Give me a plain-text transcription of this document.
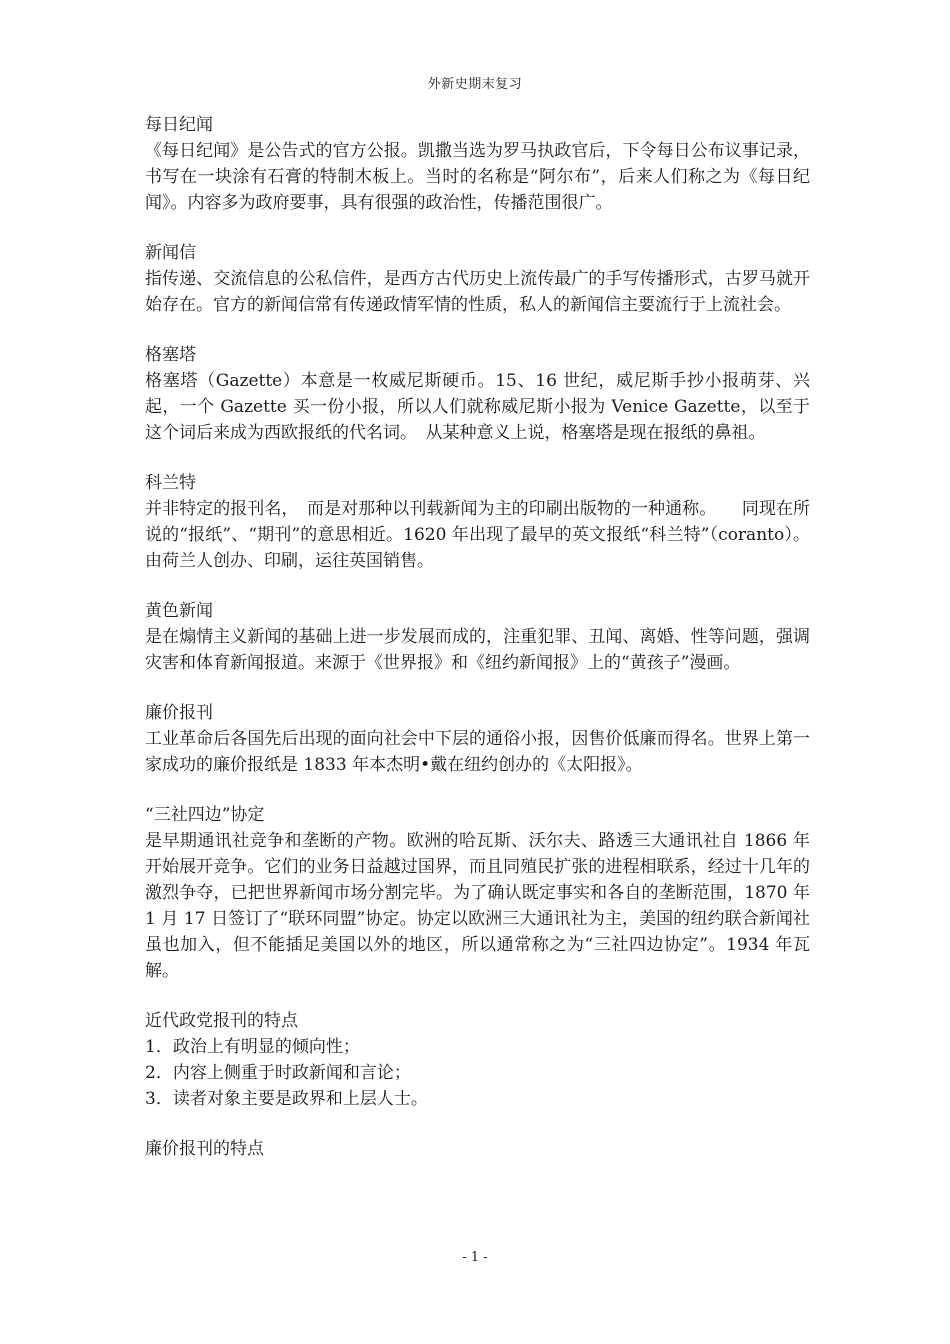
外新史期末复习
每日纪闻
《每日纪闻》是公告式的官方公报。凯撒当选为罗马执政官后，下令每日公布议事记录，书写在一块涂有石膏的特制木板上。当时的名称是“阿尔布”，后来人们称之为《每日纪闻》。内容多为政府要事，具有很强的政治性，传播范围很广。
新闻信
指传递、交流信息的公私信件，是西方古代历史上流传最广的手写传播形式，古罗马就开始存在。官方的新闻信常有传递政情军情的性质，私人的新闻信主要流行于上流社会。
格塞塔
格塞塔（Gazette）本意是一枚威尼斯硬币。15、16 世纪，威尼斯手抄小报萌芽、兴起，一个 Gazette 买一份小报，所以人们就称威尼斯小报为 Venice Gazette，以至于这个词后来成为西欧报纸的代名词。　从某种意义上说，格塞塔是现在报纸的鼻祖。
科兰特
并非特定的报刊名，　而是对那种以刊载新闻为主的印刷出版物的一种通称。　　同现在所说的“报纸”、“期刊”的意思相近。1620 年出现了最早的英文报纸“科兰特”（coranto）。由荷兰人创办、印刷，运往英国销售。
黄色新闻
是在煽情主义新闻的基础上进一步发展而成的，注重犯罪、丑闻、离婚、性等问题，强调灾害和体育新闻报道。来源于《世界报》和《纽约新闻报》上的“黄孩子”漫画。
廉价报刊
工业革命后各国先后出现的面向社会中下层的通俗小报，因售价低廉而得名。世界上第一家成功的廉价报纸是 1833 年本杰明•戴在纽约创办的《太阳报》。
“三社四边”协定
是早期通讯社竞争和垄断的产物。欧洲的哈瓦斯、沃尔夫、路透三大通讯社自 1866 年开始展开竞争。它们的业务日益越过国界，而且同殖民扩张的进程相联系，经过十几年的激烈争夺，已把世界新闻市场分割完毕。为了确认既定事实和各自的垄断范围，1870 年 1 月 17 日签订了“联环同盟”协定。协定以欧洲三大通讯社为主，美国的纽约联合新闻社虽也加入，但不能插足美国以外的地区，所以通常称之为“三社四边协定”。1934 年瓦解。
近代政党报刊的特点
1．政治上有明显的倾向性；
2．内容上侧重于时政新闻和言论；
3．读者对象主要是政界和上层人士。
廉价报刊的特点
- 1 -
